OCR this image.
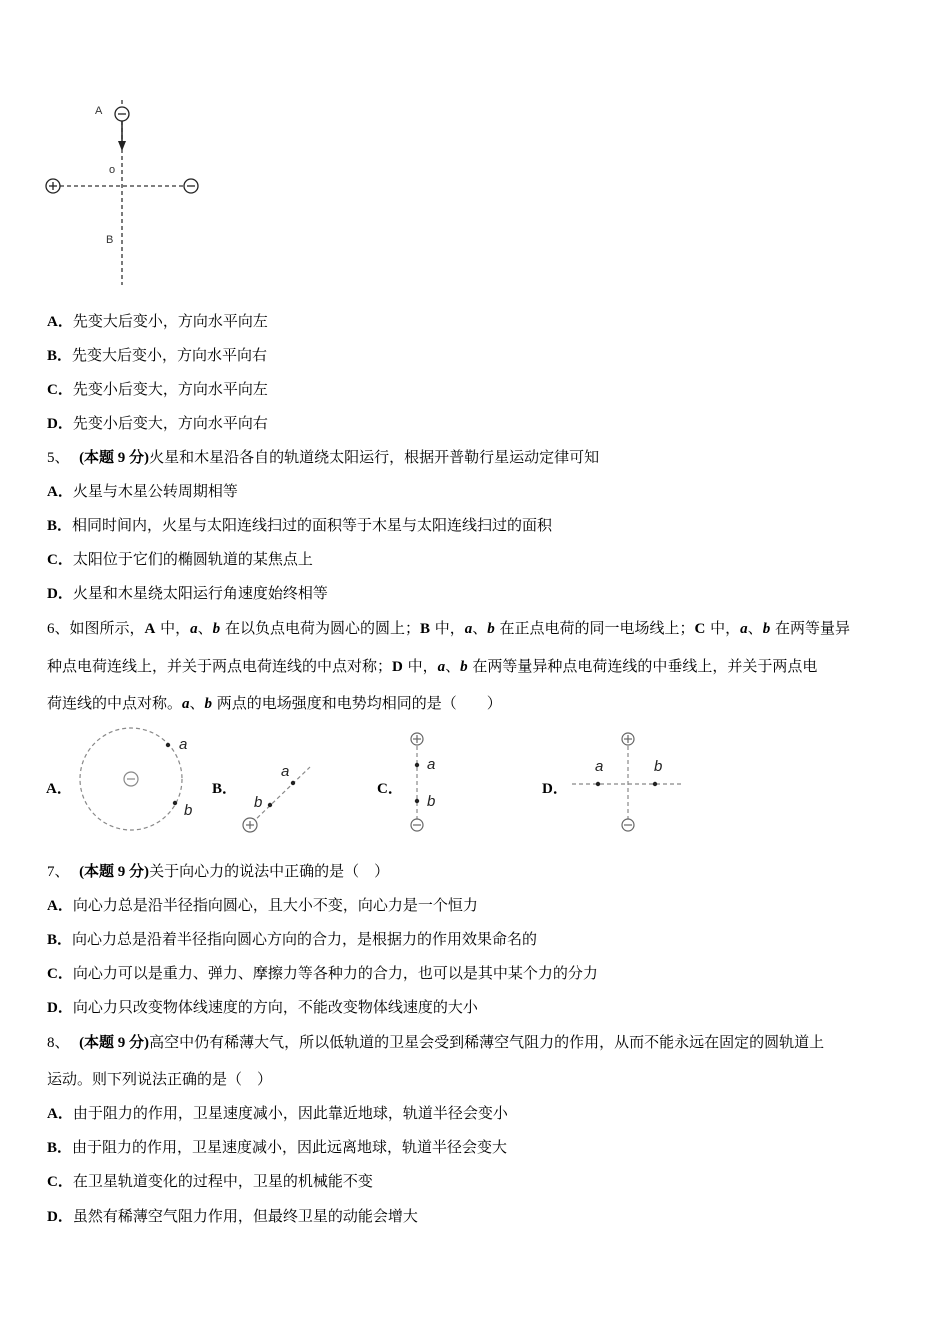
A
o
B
A．先变大后变小，方向水平向左
B．先变大后变小，方向水平向右
C．先变小后变大，方向水平向左
D．先变小后变大，方向水平向右
5、 (本题 9 分)火星和木星沿各自的轨道绕太阳运行，根据开普勒行星运动定律可知
A．火星与木星公转周期相等
B．相同时间内，火星与太阳连线扫过的面积等于木星与太阳连线扫过的面积
C．太阳位于它们的椭圆轨道的某焦点上
D．火星和木星绕太阳运行角速度始终相等
6、如图所示，A 中，a、b 在以负点电荷为圆心的圆上；B 中，a、b 在正点电荷的同一电场线上；C 中，a、b 在两等量异
种点电荷连线上，并关于两点电荷连线的中点对称；D 中，a、b 在两等量异种点电荷连线的中垂线上，并关于两点电
荷连线的中点对称。a、b 两点的电场强度和电势均相同的是（　　）
A．	B．	C．	D．
a
b
a
b
a
b
a	b
7、 (本题 9 分)关于向心力的说法中正确的是（　）
A．向心力总是沿半径指向圆心，且大小不变，向心力是一个恒力
B．向心力总是沿着半径指向圆心方向的合力，是根据力的作用效果命名的
C．向心力可以是重力、弹力、摩擦力等各种力的合力，也可以是其中某个力的分力
D．向心力只改变物体线速度的方向，不能改变物体线速度的大小
8、 (本题 9 分)高空中仍有稀薄大气，所以低轨道的卫星会受到稀薄空气阻力的作用，从而不能永远在固定的圆轨道上
运动。则下列说法正确的是（　）
A．由于阻力的作用，卫星速度减小，因此靠近地球，轨道半径会变小
B．由于阻力的作用，卫星速度减小，因此远离地球，轨道半径会变大
C．在卫星轨道变化的过程中，卫星的机械能不变
D．虽然有稀薄空气阻力作用，但最终卫星的动能会增大
